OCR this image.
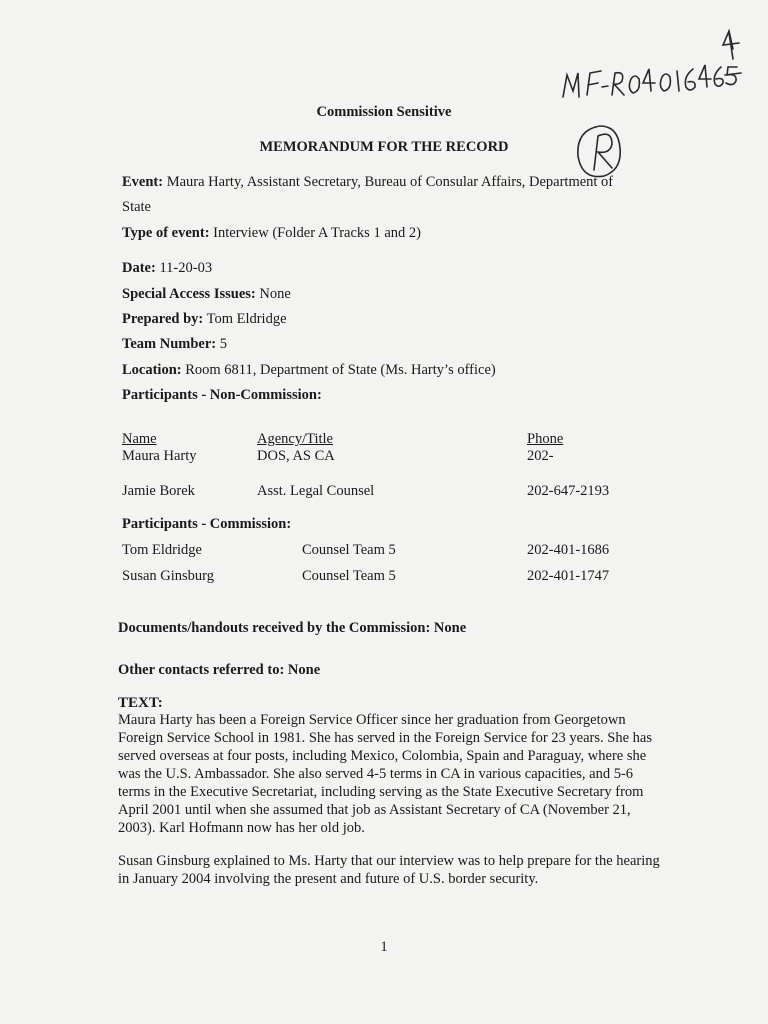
Commission Sensitive
MEMORANDUM FOR THE RECORD
Event: Maura Harty, Assistant Secretary, Bureau of Consular Affairs, Department of
State
Type of event: Interview (Folder A Tracks 1 and 2)
Date: 11-20-03
Special Access Issues: None
Prepared by: Tom Eldridge
Team Number: 5
Location: Room 6811, Department of State (Ms. Harty’s office)
Participants - Non-Commission:
Name	Agency/Title	Phone
Maura Harty	DOS, AS CA	202-
Jamie Borek	Asst. Legal Counsel	202-647-2193
Participants - Commission:
Tom Eldridge	Counsel Team 5	202-401-1686
Susan Ginsburg	Counsel Team 5	202-401-1747
Documents/handouts received by the Commission: None
Other contacts referred to: None
TEXT:
Maura Harty has been a Foreign Service Officer since her graduation from Georgetown Foreign Service School in 1981. She has served in the Foreign Service for 23 years. She has served overseas at four posts, including Mexico, Colombia, Spain and Paraguay, where she was the U.S. Ambassador. She also served 4-5 terms in CA in various capacities, and 5-6 terms in the Executive Secretariat, including serving as the State Executive Secretary from April 2001 until when she assumed that job as Assistant Secretary of CA (November 21, 2003). Karl Hofmann now has her old job.
Susan Ginsburg explained to Ms. Harty that our interview was to help prepare for the hearing in January 2004 involving the present and future of U.S. border security.
1
